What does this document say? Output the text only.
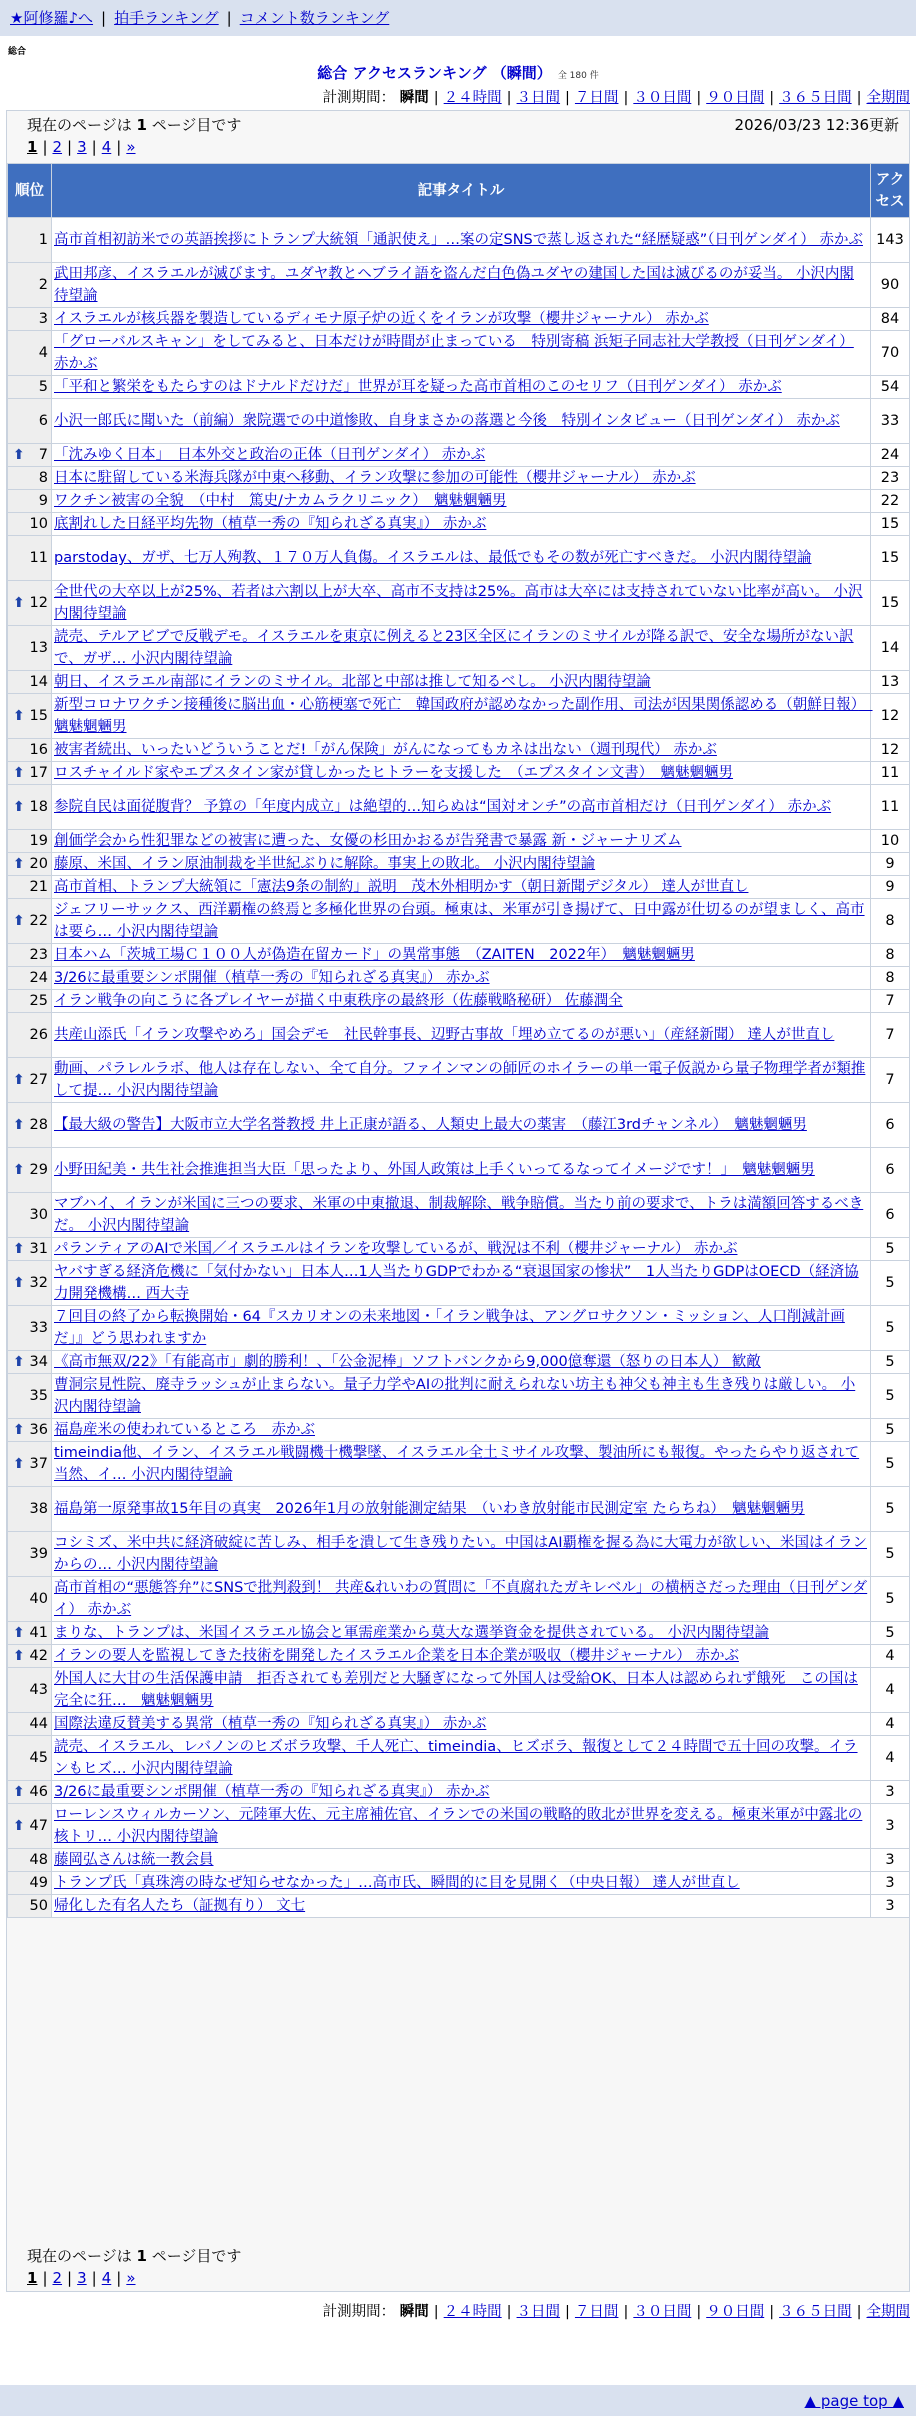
★阿修羅♪へ | 拍手ランキング | コメント数ランキング
総合
総合 アクセスランキング （瞬間） 全 180 件
計測期間： 瞬間 | ２４時間 | ３日間 | ７日間 | ３０日間 | ９０日間 | ３６５日間 | 全期間
現在のページは 1 ページ目です	2026/03/23 12:36更新
1 | 2 | 3 | 4 | »
順位	記事タイトル	アクセス
1	高市首相初訪米での英語挨拶にトランプ大統領「通訳使え」…案の定SNSで蒸し返された“経歴疑惑”（日刊ゲンダイ） 赤かぶ	143
2	武田邦彦、イスラエルが滅びます。ユダヤ教とヘブライ語を盗んだ白色偽ユダヤの建国した国は滅びるのが妥当。 小沢内閣待望論	90
3	イスラエルが核兵器を製造しているディモナ原子炉の近くをイランが攻撃（櫻井ジャーナル） 赤かぶ	84
4	「グローバルスキャン」をしてみると、日本だけが時間が止まっている　特別寄稿 浜矩子同志社大学教授（日刊ゲンダイ） 赤かぶ	70
5	「平和と繁栄をもたらすのはドナルドだけだ」世界が耳を疑った高市首相のこのセリフ（日刊ゲンダイ） 赤かぶ	54
6	小沢一郎氏に聞いた（前編）衆院選での中道惨敗、自身まさかの落選と今後　特別インタビュー（日刊ゲンダイ） 赤かぶ	33

⬆ 7	「沈みゆく日本」　日本外交と政治の正体（日刊ゲンダイ） 赤かぶ	24
8	日本に駐留している米海兵隊が中東へ移動、イラン攻撃に参加の可能性（櫻井ジャーナル） 赤かぶ	23
9	ワクチン被害の全貌　（中村　篤史/ナカムラクリニック）　魑魅魍魎男	22
10	底割れした日経平均先物（植草一秀の『知られざる真実』） 赤かぶ	15
11	parstoday、ガザ、七万人殉教、１７０万人負傷。イスラエルは、最低でもその数が死亡すべきだ。 小沢内閣待望論	15

⬆ 12	全世代の大卒以上が25%、若者は六割以上が大卒、高市不支持は25%。高市は大卒には支持されていない比率が高い。 小沢内閣待望論	15
13	読売、テルアビブで反戦デモ。イスラエルを東京に例えると23区全区にイランのミサイルが降る訳で、安全な場所がない訳で、ガザ… 小沢内閣待望論	14
14	朝日、イスラエル南部にイランのミサイル。北部と中部は推して知るべし。 小沢内閣待望論	13

⬆ 15	新型コロナワクチン接種後に脳出血・心筋梗塞で死亡　韓国政府が認めなかった副作用、司法が因果関係認める（朝鮮日報）　魑魅魍魎男	12
16	被害者続出、いったいどういうことだ!「がん保険」がんになってもカネは出ない（週刊現代） 赤かぶ	12

⬆ 17	ロスチャイルド家やエプスタイン家が貸しかったヒトラーを支援した　（エプスタイン文書）　魑魅魍魎男	11

⬆ 18	参院自民は面従腹背？ 予算の「年度内成立」は絶望的…知らぬは“国対オンチ”の高市首相だけ（日刊ゲンダイ） 赤かぶ	11
19	創価学会から性犯罪などの被害に遭った、女優の杉田かおるが告発書で暴露 新・ジャーナリズム	10

⬆ 20	藤原、米国、イラン原油制裁を半世紀ぶりに解除。事実上の敗北。 小沢内閣待望論	9
21	高市首相、トランプ大統領に「憲法9条の制約」説明　茂木外相明かす（朝日新聞デジタル） 達人が世直し	9

⬆ 22	ジェフリーサックス、西洋覇権の終焉と多極化世界の台頭。極東は、米軍が引き揚げて、日中露が仕切るのが望ましく、高市は要ら… 小沢内閣待望論	8
23	日本ハム「茨城工場Ｃ１００人が偽造在留カード」の異常事態　（ZAITEN　2022年）　魑魅魍魎男	8
24	3/26に最重要シンポ開催（植草一秀の『知られざる真実』） 赤かぶ	8
25	イラン戦争の向こうに各プレイヤーが描く中東秩序の最終形（佐藤戦略秘研） 佐藤潤全	7
26	共産山添氏「イラン攻撃やめろ」国会デモ　社民幹事長、辺野古事故「埋め立てるのが悪い」（産経新聞） 達人が世直し	7

⬆ 27	動画、パラレルラボ、他人は存在しない、全て自分。ファインマンの師匠のホイラーの単一電子仮説から量子物理学者が類推して提… 小沢内閣待望論	7

⬆ 28	【最大級の警告】大阪市立大学名誉教授 井上正康が語る、人類史上最大の薬害　（藤江3rdチャンネル）　魑魅魍魎男	6

⬆ 29	小野田紀美・共生社会推進担当大臣「思ったより、外国人政策は上手くいってるなってイメージです！」　魑魅魍魎男	6
30	マブハイ、イランが米国に三つの要求、米軍の中東撤退、制裁解除、戦争賠償。当たり前の要求で、トラは満額回答するべきだ。 小沢内閣待望論	6

⬆ 31	パランティアのAIで米国／イスラエルはイランを攻撃しているが、戦況は不利（櫻井ジャーナル） 赤かぶ	5

⬆ 32	ヤバすぎる経済危機に「気付かない」日本人…1人当たりGDPでわかる“衰退国家の惨状”　1人当たりGDPはOECD（経済協力開発機構… 西大寺	5
33	７回目の終了から転換開始・64『スカリオンの未来地図・「イラン戦争は、アングロサクソン・ミッション、人口削減計画だ」』どう思われますか	5

⬆ 34	《高市無双/22》「有能高市」劇的勝利！、「公金泥棒」ソフトバンクから9,000億奪還（怒りの日本人） 歓敵	5
35	曹洞宗見性院、廃寺ラッシュが止まらない。量子力学やAIの批判に耐えられない坊主も神父も神主も生き残りは厳しい。 小沢内閣待望論	5

⬆ 36	福島産米の使われているところ　赤かぶ	5

⬆ 37	timeindia他、イラン、イスラエル戦闘機十機撃墜、イスラエル全土ミサイル攻撃、製油所にも報復。やったらやり返されて当然、イ… 小沢内閣待望論	5
38	福島第一原発事故15年目の真実　2026年1月の放射能測定結果　（いわき放射能市民測定室 たらちね）　魑魅魍魎男	5
39	コシミズ、米中共に経済破綻に苦しみ、相手を潰して生き残りたい。中国はAI覇権を握る為に大電力が欲しい、米国はイランからの… 小沢内閣待望論	5
40	高市首相の“悪態答弁”にSNSで批判殺到！ 共産&れいわの質問に「不貞腐れたガキレベル」の横柄さだった理由（日刊ゲンダイ） 赤かぶ	5

⬆ 41	まりな、トランプは、米国イスラエル協会と軍需産業から莫大な選挙資金を提供されている。 小沢内閣待望論	5

⬆ 42	イランの要人を監視してきた技術を開発したイスラエル企業を日本企業が吸収（櫻井ジャーナル） 赤かぶ	4
43	外国人に大甘の生活保護申請　拒否されても差別だと大騒ぎになって外国人は受給OK、日本人は認められず餓死　この国は完全に狂…　魑魅魍魎男	4
44	国際法違反賛美する異常（植草一秀の『知られざる真実』） 赤かぶ	4
45	読売、イスラエル、レバノンのヒズボラ攻撃、千人死亡、timeindia、ヒズボラ、報復として２４時間で五十回の攻撃。イランもヒズ… 小沢内閣待望論	4

⬆ 46	3/26に最重要シンポ開催（植草一秀の『知られざる真実』） 赤かぶ	3

⬆ 47	ローレンスウィルカーソン、元陸軍大佐、元主席補佐官、イランでの米国の戦略的敗北が世界を変える。極東米軍が中露北の核トリ… 小沢内閣待望論	3
48	藤岡弘さんは統一教会員	3
49	トランプ氏「真珠湾の時なぜ知らせなかった」…高市氏、瞬間的に目を見開く（中央日報） 達人が世直し	3
50	帰化した有名人たち（証拠有り） 文七	3
現在のページは 1 ページ目です
1 | 2 | 3 | 4 | »
計測期間： 瞬間 | ２４時間 | ３日間 | ７日間 | ３０日間 | ９０日間 | ３６５日間 | 全期間
▲ page top ▲
